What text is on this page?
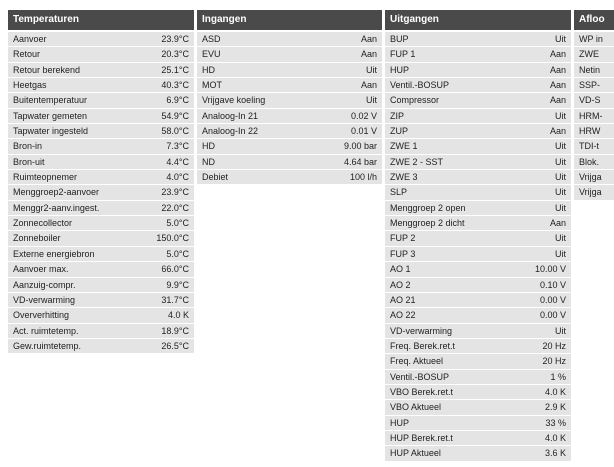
Temperaturen
Aanvoer	23.9°C
Retour	20.3°C
Retour berekend	25.1°C
Heetgas	40.3°C
Buitentemperatuur	6.9°C
Tapwater gemeten	54.9°C
Tapwater ingesteld	58.0°C
Bron-in	7.3°C
Bron-uit	4.4°C
Ruimteopnemer	4.0°C
Menggroep2-aanvoer	23.9°C
Menggr2-aanv.ingest.	22.0°C
Zonnecollector	5.0°C
Zonneboiler	150.0°C
Externe energiebron	5.0°C
Aanvoer max.	66.0°C
Aanzuig-compr.	9.9°C
VD-verwarming	31.7°C
Oververhitting	4.0 K
Act. ruimtetemp.	18.9°C
Gew.ruimtetemp.	26.5°C
Ingangen
ASD	Aan
EVU	Aan
HD	Uit
MOT	Aan
Vrijgave koeling	Uit
Analoog-In 21	0.02 V
Analoog-In 22	0.01 V
HD	9.00 bar
ND	4.64 bar
Debiet	100 l/h
Uitgangen
BUP	Uit
FUP 1	Aan
HUP	Aan
Ventil.-BOSUP	Aan
Compressor	Aan
ZIP	Uit
ZUP	Aan
ZWE 1	Uit
ZWE 2 - SST	Uit
ZWE 3	Uit
SLP	Uit
Menggroep 2 open	Uit
Menggroep 2 dicht	Aan
FUP 2	Uit
FUP 3	Uit
AO 1	10.00 V
AO 2	0.10 V
AO 21	0.00 V
AO 22	0.00 V
VD-verwarming	Uit
Freq. Berek.ret.t	20 Hz
Freq. Aktueel	20 Hz
Ventil.-BOSUP	1 %
VBO Berek.ret.t	4.0 K
VBO Aktueel	2.9 K
HUP	33 %
HUP Berek.ret.t	4.0 K
HUP Aktueel	3.6 K
Afloo
WP in
ZWE
Netin
SSP-
VD-S
HRM-
HRW
TDI-t
Blok.
Vrijga
Vrijga
